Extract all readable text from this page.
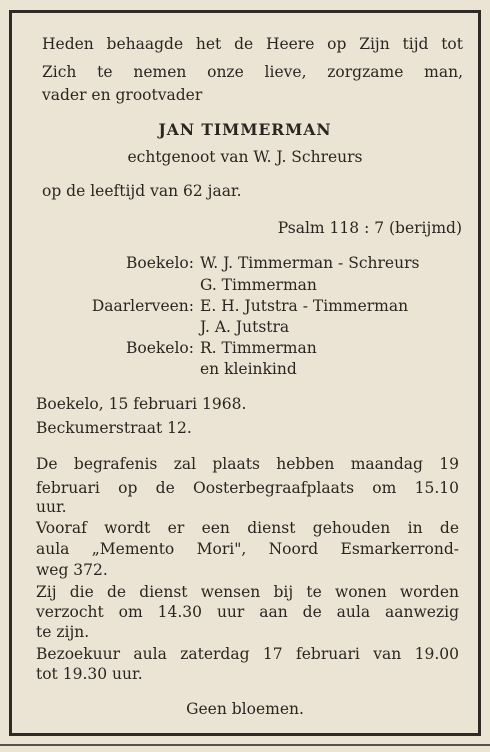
Heden behaagde het de Heere op Zijn tijd tot
Zich te nemen onze lieve, zorgzame man,
vader en grootvader
JAN TIMMERMAN
echtgenoot van W. J. Schreurs
op de leeftijd van 62 jaar.
Psalm 118 : 7 (berijmd)
Boekelo: W. J. Timmerman - Schreurs
G. Timmerman
Daarlerveen: E. H. Jutstra - Timmerman
J. A. Jutstra
Boekelo: R. Timmerman
en kleinkind
Boekelo, 15 februari 1968.
Beckumerstraat 12.
De begrafenis zal plaats hebben maandag 19
februari op de Oosterbegraafplaats om 15.10
uur.
Vooraf wordt er een dienst gehouden in de
aula „Memento Mori", Noord Esmarkerrond-
weg 372.
Zij die de dienst wensen bij te wonen worden
verzocht om 14.30 uur aan de aula aanwezig
te zijn.
Bezoekuur aula zaterdag 17 februari van 19.00
tot 19.30 uur.
Geen bloemen.
